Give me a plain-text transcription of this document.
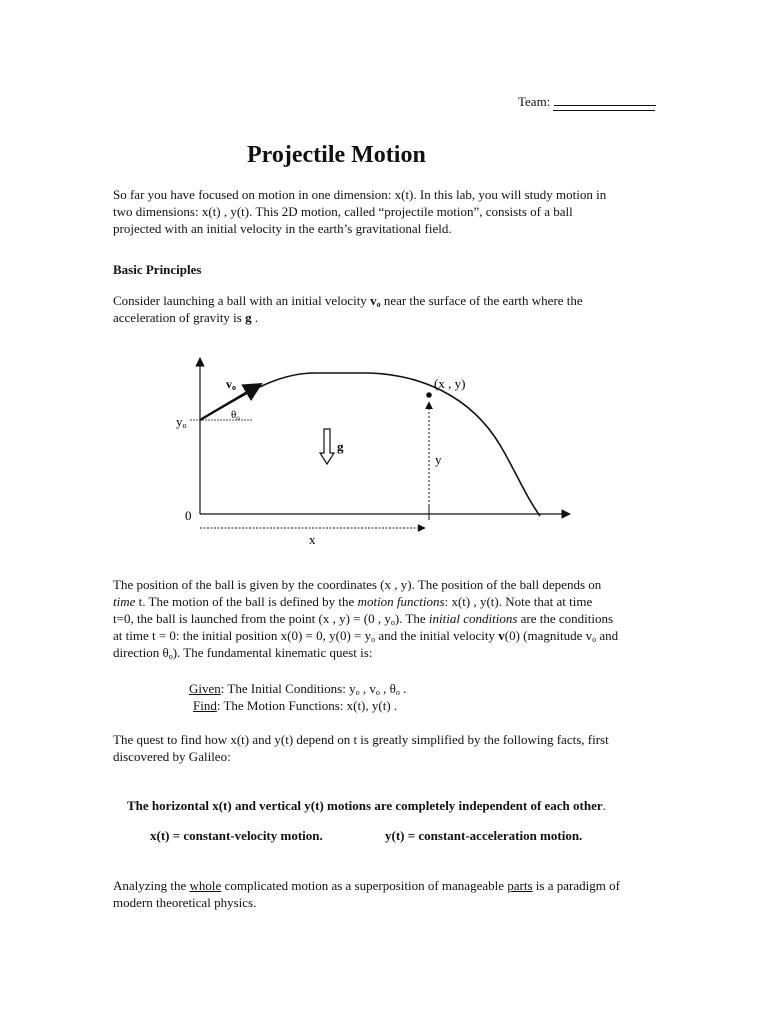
Team:
Projectile Motion
So far you have focused on motion in one dimension: x(t). In this lab, you will study motion in
two dimensions: x(t) , y(t). This 2D motion, called “projectile motion”, consists of a ball
projected with an initial velocity in the earth’s gravitational field.
Basic Principles
Consider launching a ball with an initial velocity $v_o$ near the surface of the earth where the
acceleration of gravity is g .
vo
θo
yo
g
(x , y)
y
0
x
The position of the ball is given by the coordinates (x , y). The position of the ball depends on
time t. The motion of the ball is defined by the motion functions: x(t) , y(t). Note that at time
t=0, the ball is launched from the point (x , y) = (0 , $y_o$). The initial conditions are the conditions
at time t = 0: the initial position x(0) = 0, $y(0) = y_o$ and the initial velocity v(0) (magnitude $v_o$ and
direction $\theta_o$). The fundamental kinematic quest is:
Given: The Initial Conditions: $y_o$ , $v_o$ , $\theta_o$ .
Find: The Motion Functions: x(t), y(t) .
The quest to find how x(t) and y(t) depend on t is greatly simplified by the following facts, first
discovered by Galileo:
The horizontal x(t) and vertical y(t) motions are completely independent of each other.
x(t) = constant-velocity motion.	y(t) = constant-acceleration motion.
Analyzing the whole complicated motion as a superposition of manageable parts is a paradigm of
modern theoretical physics.
